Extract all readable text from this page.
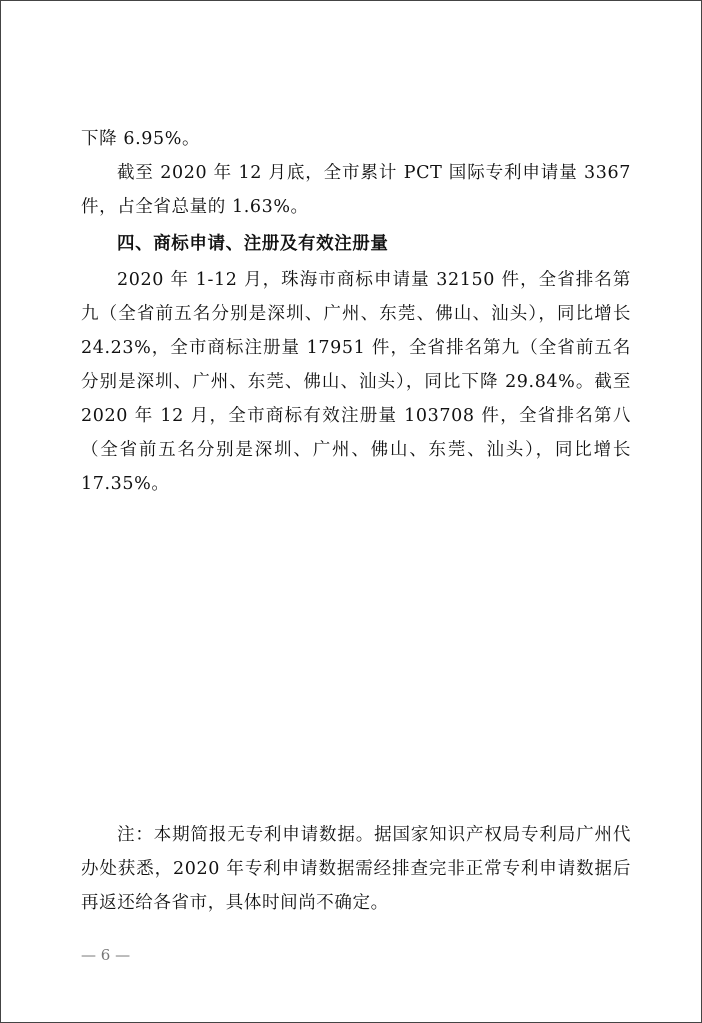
下降 6.95%。

截至 2020 年 12 月底，全市累计 PCT 国际专利申请量 3367 件，占全省总量的 1.63%。

四、商标申请、注册及有效注册量

2020 年 1-12 月，珠海市商标申请量 32150 件，全省排名第九（全省前五名分别是深圳、广州、东莞、佛山、汕头），同比增长 24.23%，全市商标注册量 17951 件，全省排名第九（全省前五名分别是深圳、广州、东莞、佛山、汕头），同比下降 29.84%。截至 2020 年 12 月，全市商标有效注册量 103708 件，全省排名第八（全省前五名分别是深圳、广州、佛山、东莞、汕头），同比增长 17.35%。

注：本期简报无专利申请数据。据国家知识产权局专利局广州代办处获悉，2020 年专利申请数据需经排查完非正常专利申请数据后再返还给各省市，具体时间尚不确定。

— 6 —
